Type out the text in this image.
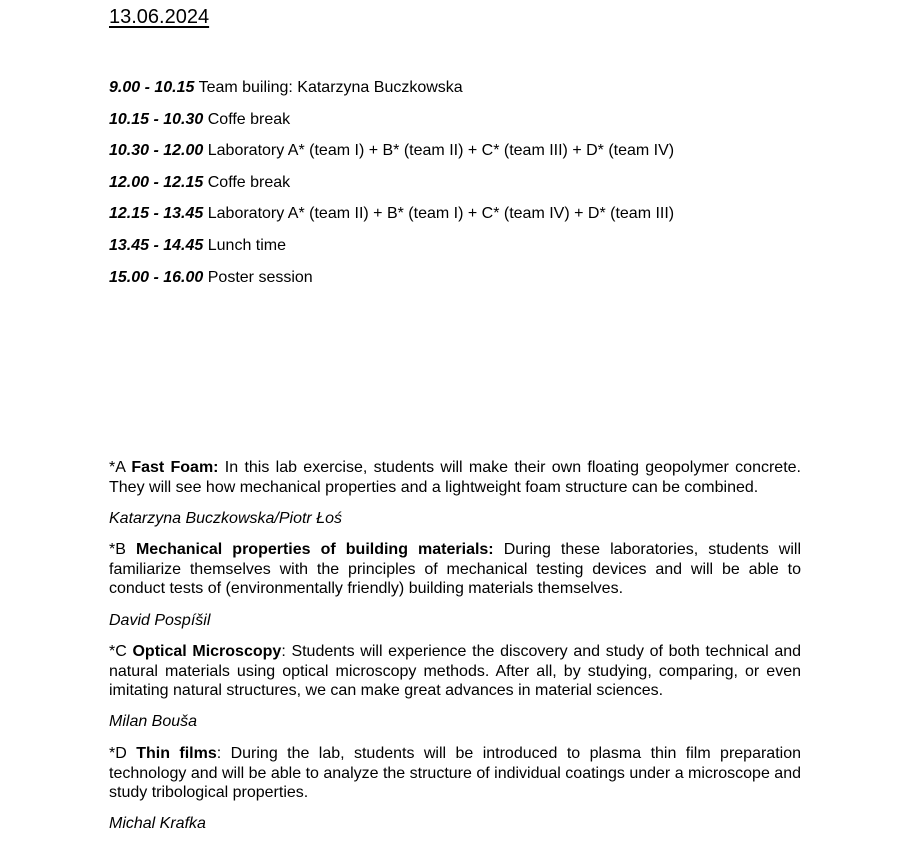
13.06.2024
9.00 - 10.15 Team builing: Katarzyna Buczkowska
10.15 - 10.30 Coffe break
10.30 - 12.00 Laboratory A* (team I) + B* (team II) + C* (team III) + D* (team IV)
12.00 - 12.15 Coffe break
12.15 - 13.45 Laboratory A* (team II) + B* (team I) + C* (team IV) + D* (team III)
13.45 - 14.45 Lunch time
15.00 - 16.00 Poster session

*A Fast Foam: In this lab exercise, students will make their own floating geopolymer concrete. They will see how mechanical properties and a lightweight foam structure can be combined.

Katarzyna Buczkowska/Piotr Łoś

*B Mechanical properties of building materials: During these laboratories, students will familiarize themselves with the principles of mechanical testing devices and will be able to conduct tests of (environmentally friendly) building materials themselves.

David Pospíšil

*C Optical Microscopy: Students will experience the discovery and study of both technical and natural materials using optical microscopy methods. After all, by studying, comparing, or even imitating natural structures, we can make great advances in material sciences.

Milan Bouša

*D Thin films: During the lab, students will be introduced to plasma thin film preparation technology and will be able to analyze the structure of individual coatings under a microscope and study tribological properties.

Michal Krafka
